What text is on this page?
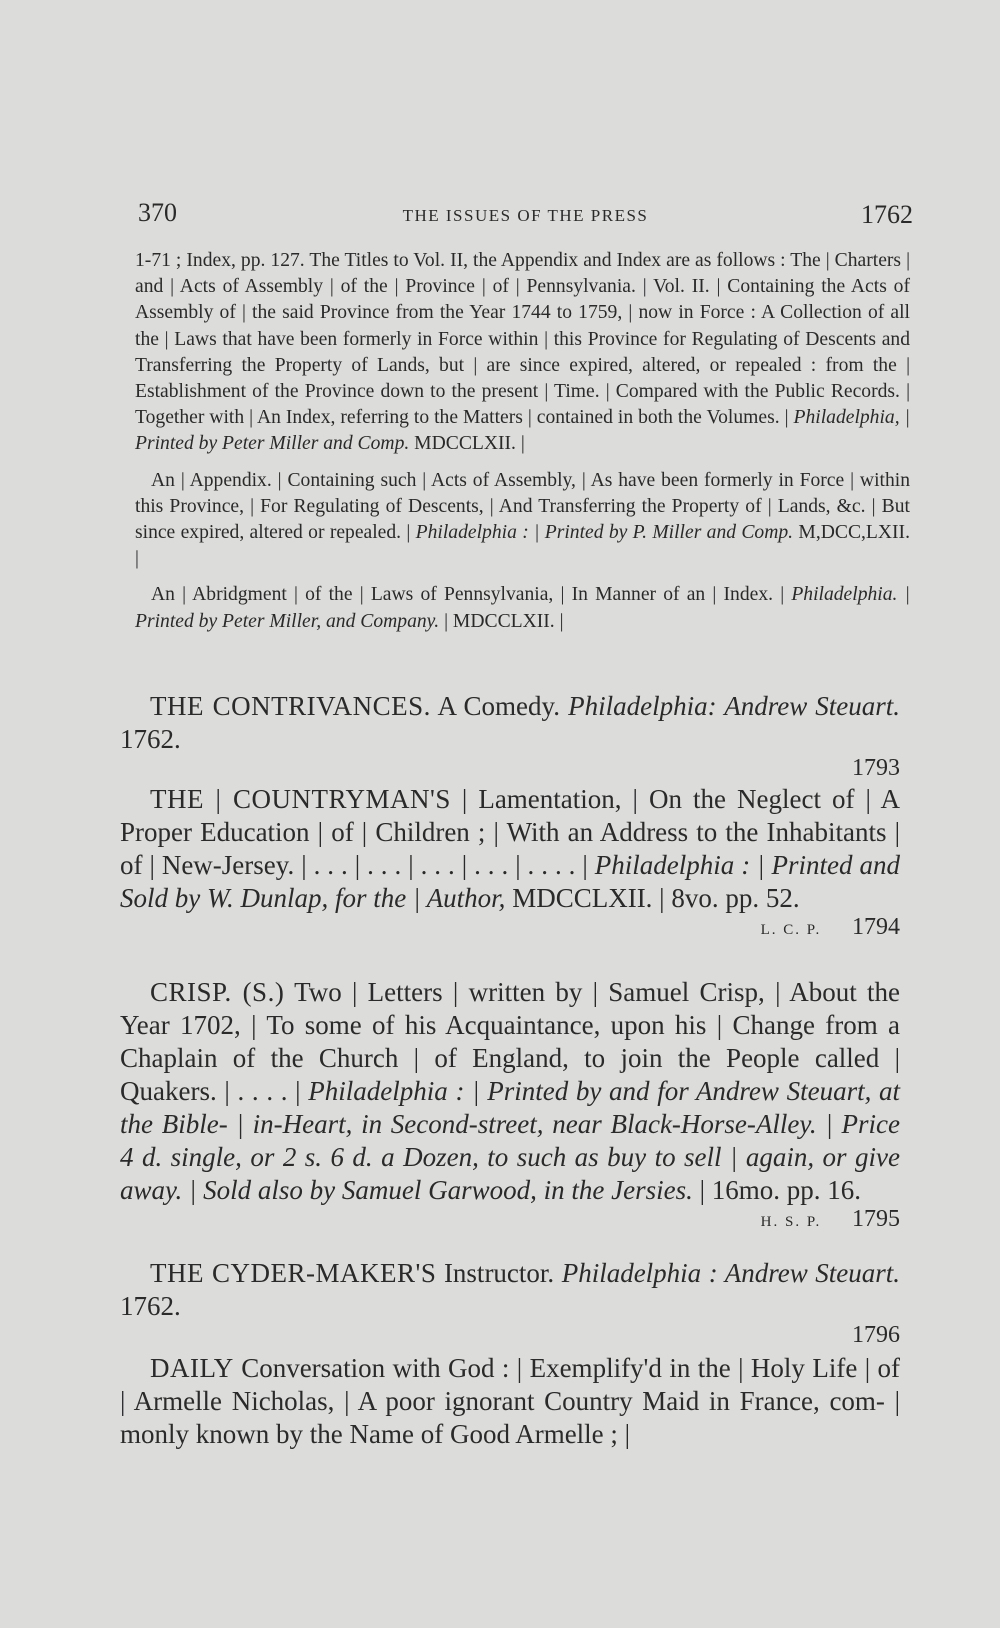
370	THE ISSUES OF THE PRESS	1762

1-71 ; Index, pp. 127. The Titles to Vol. II, the Appendix and Index are as follows : The | Charters | and | Acts of Assembly | of the | Province | of | Pennsylvania. | Vol. II. | Containing the Acts of Assembly of | the said Province from the Year 1744 to 1759, | now in Force : A Collection of all the | Laws that have been formerly in Force within | this Province for Regulating of Descents and Transferring the Property of Lands, but | are since expired, altered, or repealed : from the | Establishment of the Province down to the present | Time. | Compared with the Public Records. | Together with | An Index, referring to the Matters | contained in both the Volumes. | Philadelphia, | Printed by Peter Miller and Comp. MDCCLXII. |

An | Appendix. | Containing such | Acts of Assembly, | As have been formerly in Force | within this Province, | For Regulating of Descents, | And Transferring the Property of | Lands, &c. | But since expired, altered or repealed. | Philadelphia : | Printed by P. Miller and Comp. M,DCC,LXII. |

An | Abridgment | of the | Laws of Pennsylvania, | In Manner of an | Index. | Philadelphia. | Printed by Peter Miller, and Company. | MDCCLXII. |

THE CONTRIVANCES. A Comedy. Philadelphia: Andrew Steuart. 1762.

1793

THE | COUNTRYMAN'S | Lamentation, | On the Neglect of | A Proper Education | of | Children ; | With an Address to the Inhabitants | of | New-Jersey. | . . . | . . . | . . . | . . . | . . . . | Philadelphia : | Printed and Sold by W. Dunlap, for the | Author, MDCCLXII. | 8vo. pp. 52.

L. C. P. 1794

CRISP. (S.) Two | Letters | written by | Samuel Crisp, | About the Year 1702, | To some of his Acquaintance, upon his | Change from a Chaplain of the Church | of England, to join the People called | Quakers. | . . . . | Philadelphia : | Printed by and for Andrew Steuart, at the Bible- | in-Heart, in Second-street, near Black-Horse-Alley. | Price 4 d. single, or 2 s. 6 d. a Dozen, to such as buy to sell | again, or give away. | Sold also by Samuel Garwood, in the Jersies. | 16mo. pp. 16.

H. S. P. 1795

THE CYDER-MAKER'S Instructor. Philadelphia : Andrew Steuart. 1762.

1796

DAILY Conversation with God : | Exemplify'd in the | Holy Life | of | Armelle Nicholas, | A poor ignorant Country Maid in France, com- | monly known by the Name of Good Armelle ; |
